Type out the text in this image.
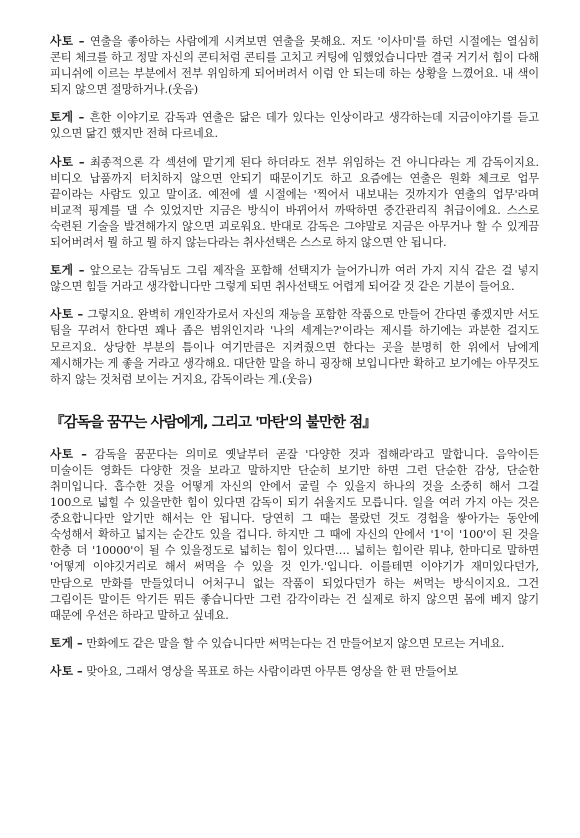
사토 – 연출을 좋아하는 사람에게 시켜보면 연출을 못해요. 저도 '이사미'를 하던 시절에는 열심히 콘티 체크를 하고 정말 자신의 콘티처럼 콘티를 고치고 커팅에 임했었습니다만 결국 거기서 힘이 다해 피니쉬에 이르는 부분에서 전부 위임하게 되어버려서 이럼 안 되는데 하는 상황을 느꼈어요. 내 색이 되지 않으면 절망하거나.(웃음)

토게 – 흔한 이야기로 감독과 연출은 닮은 데가 있다는 인상이라고 생각하는데 지금이야기를 듣고 있으면 닮긴 했지만 전혀 다르네요.

사토 – 최종적으론 각 섹션에 맡기게 된다 하더라도 전부 위임하는 건 아니다라는 게 감독이지요. 비디오 납품까지 터치하지 않으면 안되기 때문이기도 하고 요즘에는 연출은 원화 체크로 업무 끝이라는 사람도 있고 말이죠. 예전에 셀 시절에는 '찍어서 내보내는 것까지가 연출의 업무'라며 비교적 핑계를 댈 수 있었지만 지금은 방식이 바뀌어서 까딱하면 중간관리직 취급이에요. 스스로 숙련된 기술을 발견해가지 않으면 괴로워요. 반대로 감독은 그야말로 지금은 아무거나 할 수 있게끔 되어버려서 뭘 하고 뭘 하지 않는다라는 취사선택은 스스로 하지 않으면 안 됩니다.

토게 – 앞으로는 감독님도 그림 제작을 포함해 선택지가 늘어가니까 여러 가지 지식 같은 걸 넣지 않으면 힘들 거라고 생각합니다만 그렇게 되면 취사선택도 어렵게 되어갈 것 같은 기분이 들어요.

사토 – 그렇지요. 완벽히 개인작가로서 자신의 재능을 포함한 작품으로 만들어 간다면 좋겠지만 서도 팀을 꾸려서 한다면 꽤나 좁은 범위인지라 '나의 세계는?'이라는 제시를 하기에는 과분한 걸지도 모르지요. 상당한 부분의 틈이나 여기만큼은 지켜줬으면 한다는 곳을 분명히 한 위에서 남에게 제시해가는 게 좋을 거라고 생각해요. 대단한 말을 하니 굉장해 보입니다만 확하고 보기에는 아무것도 하지 않는 것처럼 보이는 거지요, 감독이라는 게.(웃음)

『감독을 꿈꾸는 사람에게, 그리고 '마탄'의 불만한 점』

사토 – 감독을 꿈꾼다는 의미로 옛날부터 곧잘 '다양한 것과 접해라'라고 말합니다. 음악이든 미술이든 영화든 다양한 것을 보라고 말하지만 단순히 보기만 하면 그런 단순한 감상, 단순한 취미입니다. 흡수한 것을 어떻게 자신의 안에서 굴릴 수 있을지 하나의 것을 소중히 해서 그걸 100으로 넓힐 수 있을만한 힘이 있다면 감독이 되기 쉬울지도 모릅니다. 일을 여러 가지 아는 것은 중요합니다만 알기만 해서는 안 됩니다. 당연히 그 때는 몰랐던 것도 경험을 쌓아가는 동안에 숙성해서 확하고 넓지는 순간도 있을 겁니다. 하지만 그 때에 자신의 안에서 '1'이 '100'이 된 것을 한층 더 '10000'이 될 수 있을정도로 넓히는 힘이 있다면…. 넓히는 힘이란 뭐냐, 한마디로 말하면 '어떻게 이야깃거리로 해서 써먹을 수 있을 것 인가.'입니다. 이를테면 이야기가 재미있다던가, 만담으로 만화를 만들었더니 어처구니 없는 작품이 되었다던가 하는 써먹는 방식이지요. 그건 그림이든 말이든 악기든 뭐든 좋습니다만 그런 감각이라는 건 실제로 하지 않으면 몸에 베지 않기 때문에 우선은 하라고 말하고 싶네요.

토게 – 만화에도 같은 말을 할 수 있습니다만 써먹는다는 건 만들어보지 않으면 모르는 거네요.

사토 – 맞아요, 그래서 영상을 목표로 하는 사람이라면 아무튼 영상을 한 편 만들어보
